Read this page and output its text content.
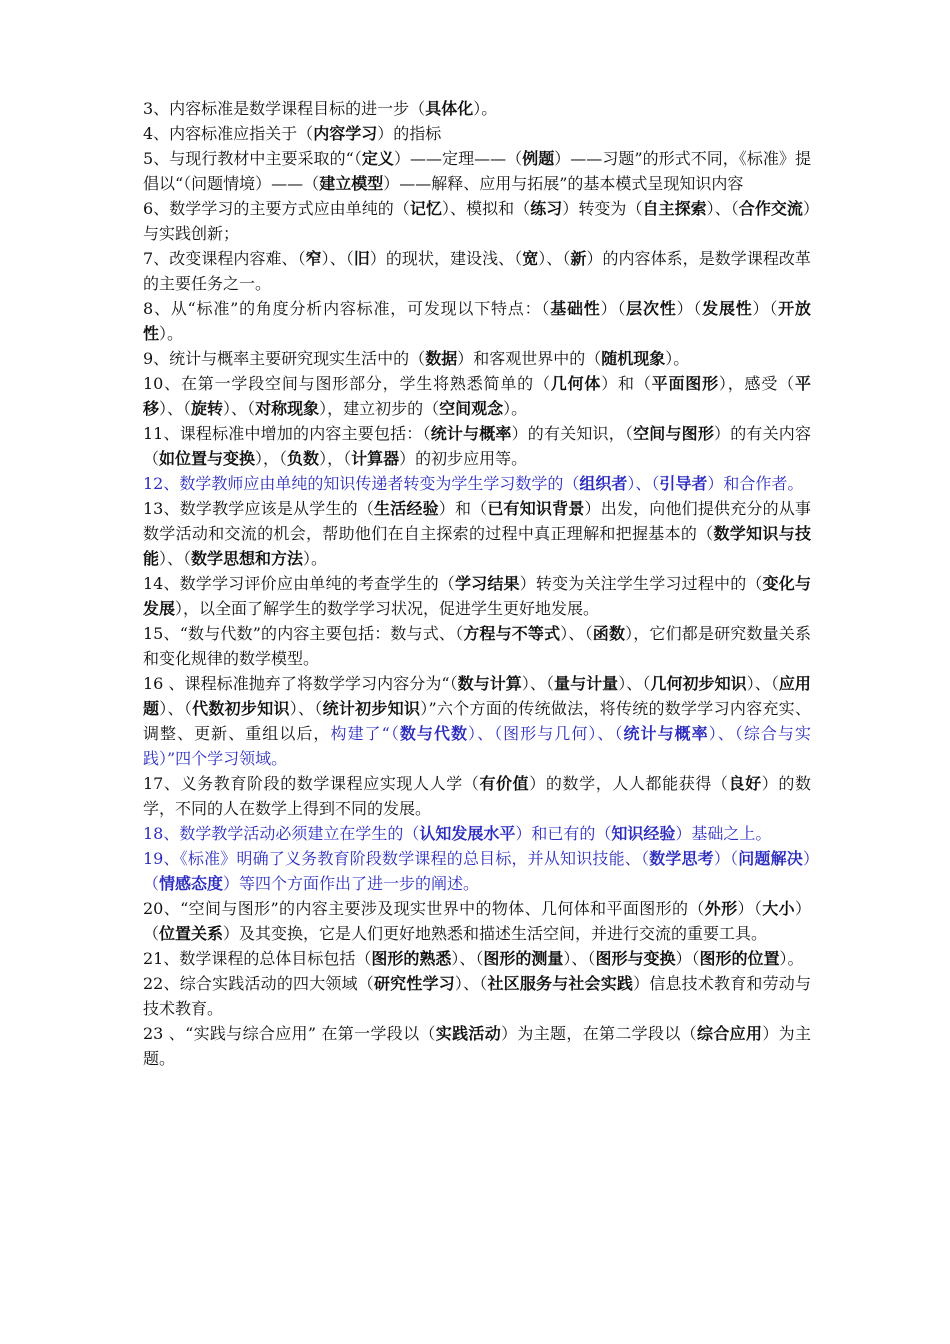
3、内容标准是数学课程目标的进一步（具体化）。

4、内容标准应指关于（内容学习）的指标

5、与现行教材中主要采取的“（定义）——定理——（例题）——习题”的形式不同，《标准》提倡以“（问题情境）——（建立模型）——解释、应用与拓展”的基本模式呈现知识内容

6、数学学习的主要方式应由单纯的（记忆）、模拟和（练习）转变为（自主探索）、（合作交流）与实践创新；

7、改变课程内容难、（窄）、（旧）的现状，建设浅、（宽）、（新）的内容体系，是数学课程改革的主要任务之一。

8、从“标准”的角度分析内容标准，可发现以下特点：（基础性）（层次性）（发展性）（开放性）。

9、统计与概率主要研究现实生活中的（数据）和客观世界中的（随机现象）。

10、在第一学段空间与图形部分，学生将熟悉简单的（几何体）和（平面图形），感受（平移）、（旋转）、（对称现象），建立初步的（空间观念）。

11、课程标准中增加的内容主要包括：（统计与概率）的有关知识，（空间与图形）的有关内容（如位置与变换），（负数），（计算器）的初步应用等。

12、数学教师应由单纯的知识传递者转变为学生学习数学的（组织者）、（引导者）和合作者。

13、数学教学应该是从学生的（生活经验）和（已有知识背景）出发，向他们提供充分的从事数学活动和交流的机会，帮助他们在自主探索的过程中真正理解和把握基本的（数学知识与技能）、（数学思想和方法）。

14、数学学习评价应由单纯的考查学生的（学习结果）转变为关注学生学习过程中的（变化与发展），以全面了解学生的数学学习状况，促进学生更好地发展。

15、“数与代数”的内容主要包括：数与式、（方程与不等式）、（函数），它们都是研究数量关系和变化规律的数学模型。

16 、课程标准抛弃了将数学学习内容分为“（数与计算）、（量与计量）、（几何初步知识）、（应用题）、（代数初步知识）、（统计初步知识）”六个方面的传统做法，将传统的数学学习内容充实、调整、更新、重组以后，构建了“（数与代数）、（图形与几何）、（统计与概率）、（综合与实践）”四个学习领域。

17、义务教育阶段的数学课程应实现人人学（有价值）的数学，人人都能获得（良好）的数学，不同的人在数学上得到不同的发展。

18、数学教学活动必须建立在学生的（认知发展水平）和已有的（知识经验）基础之上。

19、《标准》明确了义务教育阶段数学课程的总目标，并从知识技能、（数学思考）（问题解决）（情感态度）等四个方面作出了进一步的阐述。

20、“空间与图形”的内容主要涉及现实世界中的物体、几何体和平面图形的（外形）（大小）（位置关系）及其变换，它是人们更好地熟悉和描述生活空间，并进行交流的重要工具。

21、数学课程的总体目标包括（图形的熟悉）、（图形的测量）、（图形与变换）（图形的位置）。

22、综合实践活动的四大领域（研究性学习）、（社区服务与社会实践）信息技术教育和劳动与技术教育。

23 、“实践与综合应用” 在第一学段以（实践活动）为主题，在第二学段以（综合应用）为主题。
